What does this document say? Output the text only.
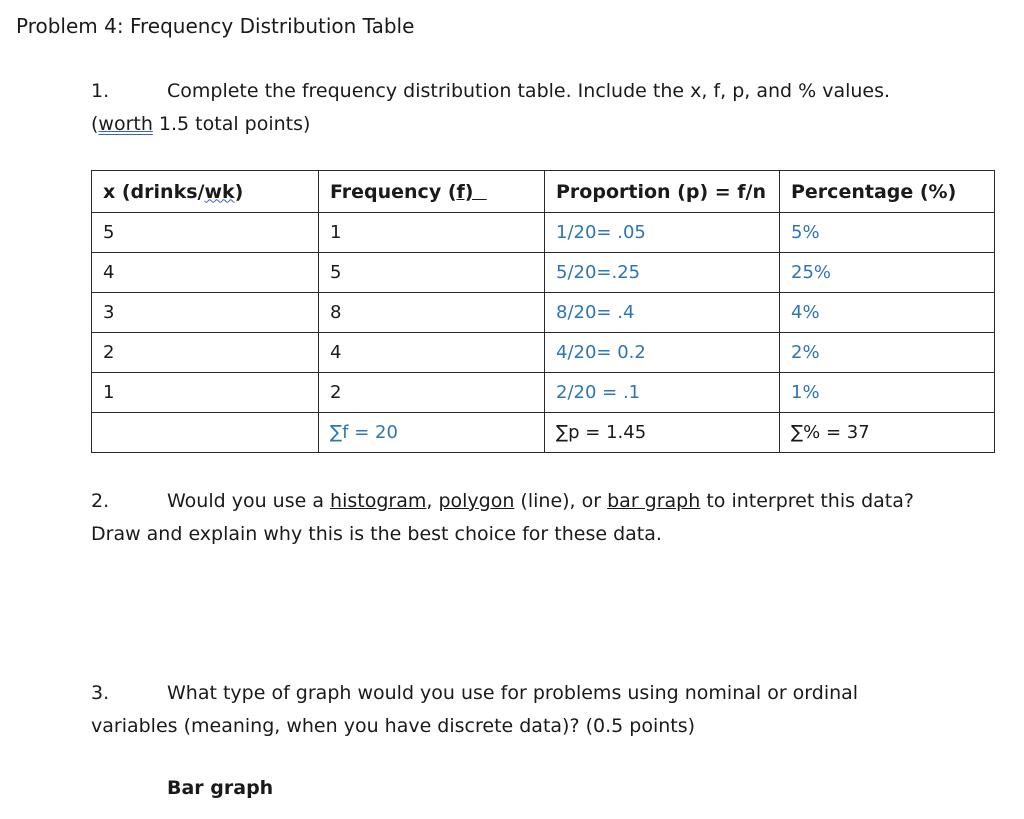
Problem 4: Frequency Distribution Table
1.	Complete the frequency distribution table. Include the x, f, p, and % values.
(worth 1.5 total points)
x (drinks/wk)	Frequency (f)	Proportion (p) = f/n	Percentage (%)
5	1	1/20= .05	5%
4	5	5/20=.25	25%
3	8	8/20= .4	4%
2	4	4/20= 0.2	2%
1	2	2/20 = .1	1%
	∑f = 20	∑p = 1.45	∑% = 37
2.	Would you use a histogram, polygon (line), or bar graph to interpret this data?
Draw and explain why this is the best choice for these data.
3.	What type of graph would you use for problems using nominal or ordinal
variables (meaning, when you have discrete data)? (0.5 points)
Bar graph
